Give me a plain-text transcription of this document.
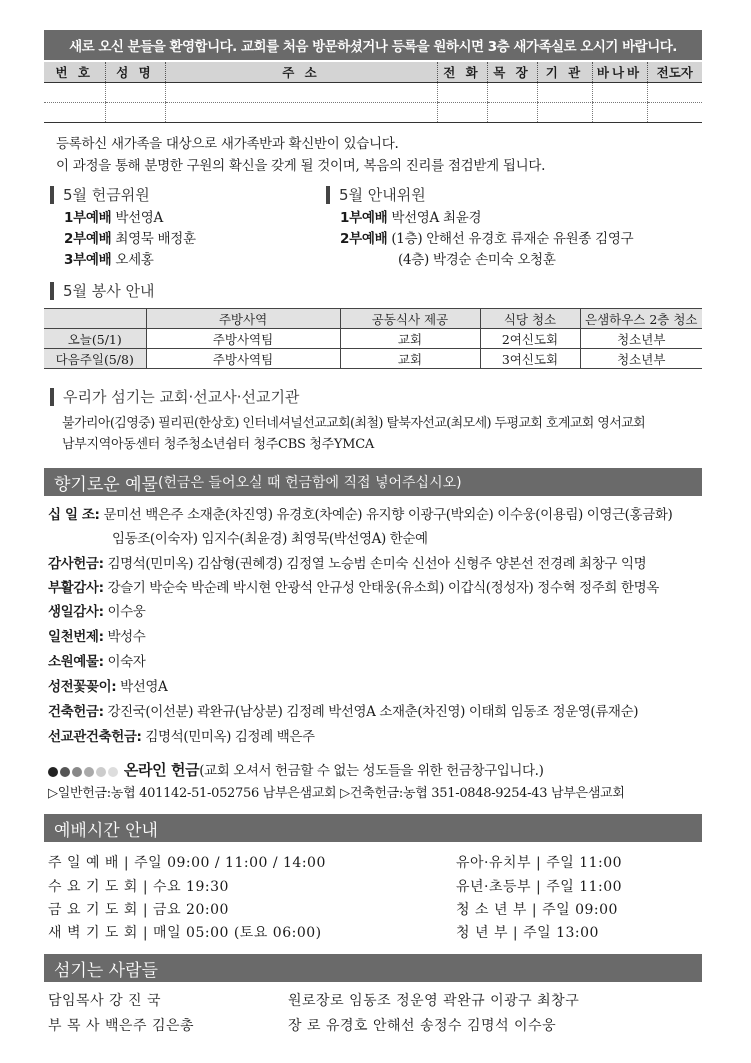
새로 오신 분들을 환영합니다. 교회를 처음 방문하셨거나 등록을 원하시면 3층 새가족실로 오시기 바랍니다.
번 호	성 명	주 소	전 화	목 장	기 관	바나바	전도자

등록하신 새가족을 대상으로 새가족반과 확신반이 있습니다.
이 과정을 통해 분명한 구원의 확신을 갖게 될 것이며, 복음의 진리를 점검받게 됩니다.
5월 헌금위원
1부예배 박선영A
2부예배 최영묵 배정훈
3부예배 오세홍
5월 안내위원
1부예배 박선영A 최윤경
2부예배 (1층) 안해선 유경호 류재순 유원종 김영구
(4층) 박경순 손미숙 오청훈
5월 봉사 안내
	주방사역	공동식사 제공	식당 청소	은샘하우스 2층 청소
오늘(5/1)	주방사역팀	교회	2여신도회	청소년부
다음주일(5/8)	주방사역팀	교회	3여신도회	청소년부
우리가 섬기는 교회·선교사·선교기관
불가리아(김영중) 필리핀(한상호) 인터네셔널선교교회(최철) 탈북자선교(최모세) 두평교회 호계교회 영서교회
남부지역아동센터 청주청소년쉼터 청주CBS 청주YMCA
향기로운 예물 (헌금은 들어오실 때 헌금함에 직접 넣어주십시오)
십 일 조: 문미선 백은주 소재춘(차진영) 유경호(차예순) 유지향 이광구(박외순) 이수웅(이용림) 이영근(홍금화)
임동조(이숙자) 임지수(최윤경) 최영묵(박선영A) 한순예
감사헌금: 김명석(민미옥) 김삼형(권혜경) 김정열 노승범 손미숙 신선아 신형주 양본선 전경례 최창구 익명
부활감사: 강슬기 박순숙 박순례 박시현 안광석 안규성 안태웅(유소희) 이갑식(정성자) 정수혁 정주희 한명옥
생일감사: 이수웅
일천번제: 박성수
소원예물: 이숙자
성전꽃꽂이: 박선영A
건축헌금: 강진국(이선분) 곽완규(남상분) 김정례 박선영A 소재춘(차진영) 이태희 임동조 정운영(류재순)
선교관건축헌금: 김명석(민미옥) 김정례 백은주
온라인 헌금(교회 오셔서 헌금할 수 없는 성도들을 위한 헌금창구입니다.)
▷일반헌금:농협 401142-51-052756 남부은샘교회 ▷건축헌금:농협 351-0848-9254-43 남부은샘교회
예배시간 안내
주 일 예 배 | 주일 09:00 / 11:00 / 14:00
수 요 기 도 회 | 수요 19:30
금 요 기 도 회 | 금요 20:00
새 벽 기 도 회 | 매일 05:00 (토요 06:00)
유아·유치부 | 주일 11:00
유년·초등부 | 주일 11:00
청 소 년 부 | 주일 09:00
청 년 부 | 주일 13:00
섬기는 사람들
담임목사 강 진 국	원로장로 임동조 정운영 곽완규 이광구 최창구
부 목 사 백은주 김은총	장 로 유경호 안해선 송정수 김명석 이수웅
